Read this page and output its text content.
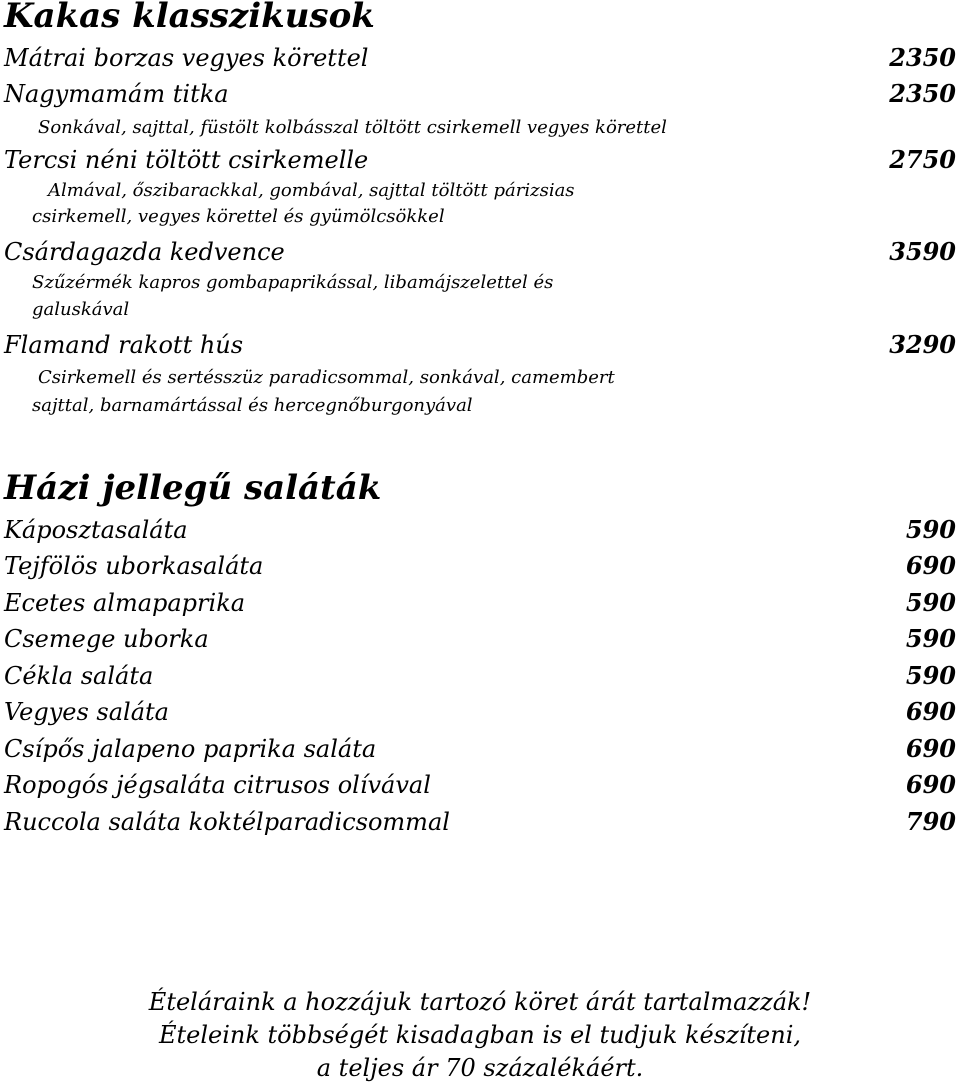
Kakas klasszikusok
Mátrai borzas vegyes körettel	2350
Nagymamám titka	2350

Sonkával, sajttal, füstölt kolbásszal töltött csirkemell vegyes körettel

Tercsi néni töltött csirkemelle	2750

Almával, őszibarackkal, gombával, sajttal töltött párizsias

csirkemell, vegyes körettel és gyümölcsökkel

Csárdagazda kedvence	3590

Szűzérmék kapros gombapaprikással, libamájszelettel és

galuskával

Flamand rakott hús	3290

Csirkemell és sertésszüz paradicsommal, sonkával, camembert

sajttal, barnamártással és hercegnőburgonyával

Házi jellegű saláták
Káposztasaláta	590
Tejfölös uborkasaláta	690
Ecetes almapaprika	590
Csemege uborka	590
Cékla saláta	590
Vegyes saláta	690
Csípős jalapeno paprika saláta	690
Ropogós jégsaláta citrusos olívával	690
Ruccola saláta koktélparadicsommal	790
Ételáraink a hozzájuk tartozó köret árát tartalmazzák!
Ételeink többségét kisadagban is el tudjuk készíteni,
a teljes ár 70 százalékáért.
